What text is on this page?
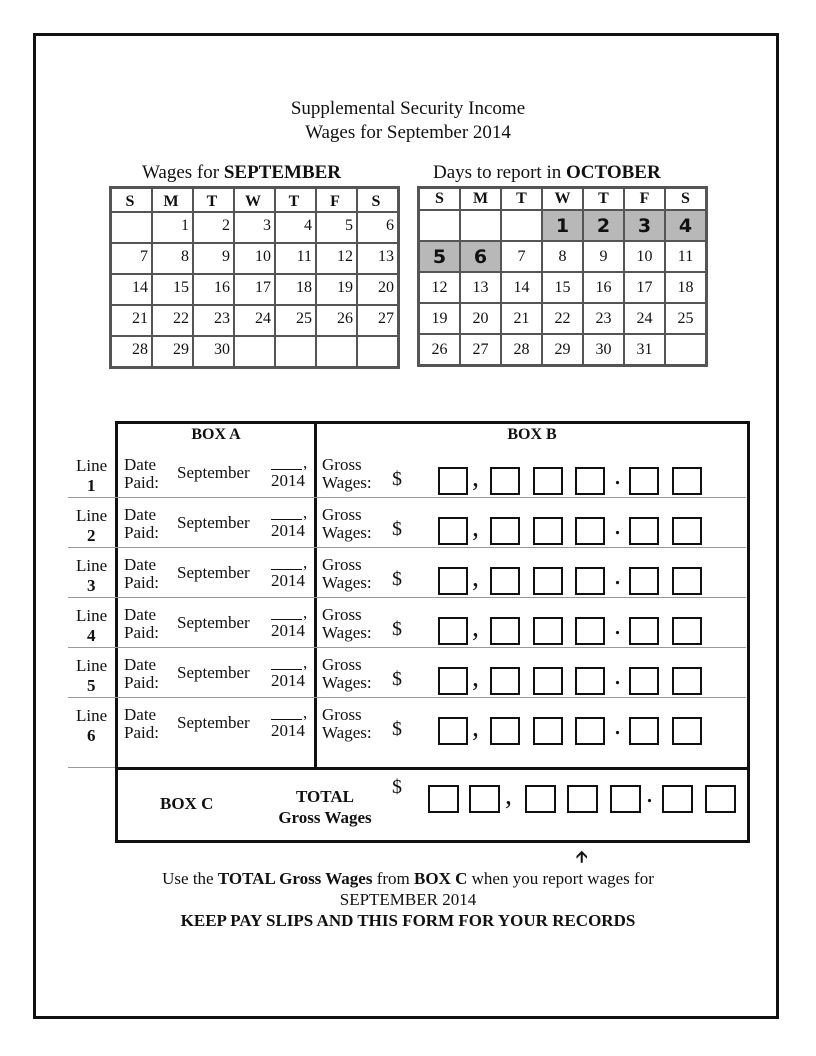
Supplemental Security Income
Wages for September 2014
Wages for SEPTEMBER
S	M	T	W	T	F	S
	1	2	3	4	5	6
7	8	9	10	11	12	13
14	15	16	17	18	19	20
21	22	23	24	25	26	27
28	29	30				
Days to report in OCTOBER
S	M	T	W	T	F	S
			1	2	3	4
5	6	7	8	9	10	11
12	13	14	15	16	17	18
19	20	21	22	23	24	25
26	27	28	29	30	31	
BOX A	BOX B
Line
1
Date
Paid:
September
,
2014
Gross
Wages: $	,	.
Line
2
Date
Paid:
September
,
2014
Gross
Wages: $	,	.
Line
3
Date
Paid:
September
,
2014
Gross
Wages: $	,	.
Line
4
Date
Paid:
September
,
2014
Gross
Wages: $	,	.
Line
5
Date
Paid:
September
,
2014
Gross
Wages: $	,	.
Line
6
Date
Paid:
September
,
2014
Gross
Wages: $	,	.
BOX C	TOTAL
Gross Wages
$	,	.
🡩
Use the TOTAL Gross Wages from BOX C when you report wages for
SEPTEMBER 2014
KEEP PAY SLIPS AND THIS FORM FOR YOUR RECORDS
